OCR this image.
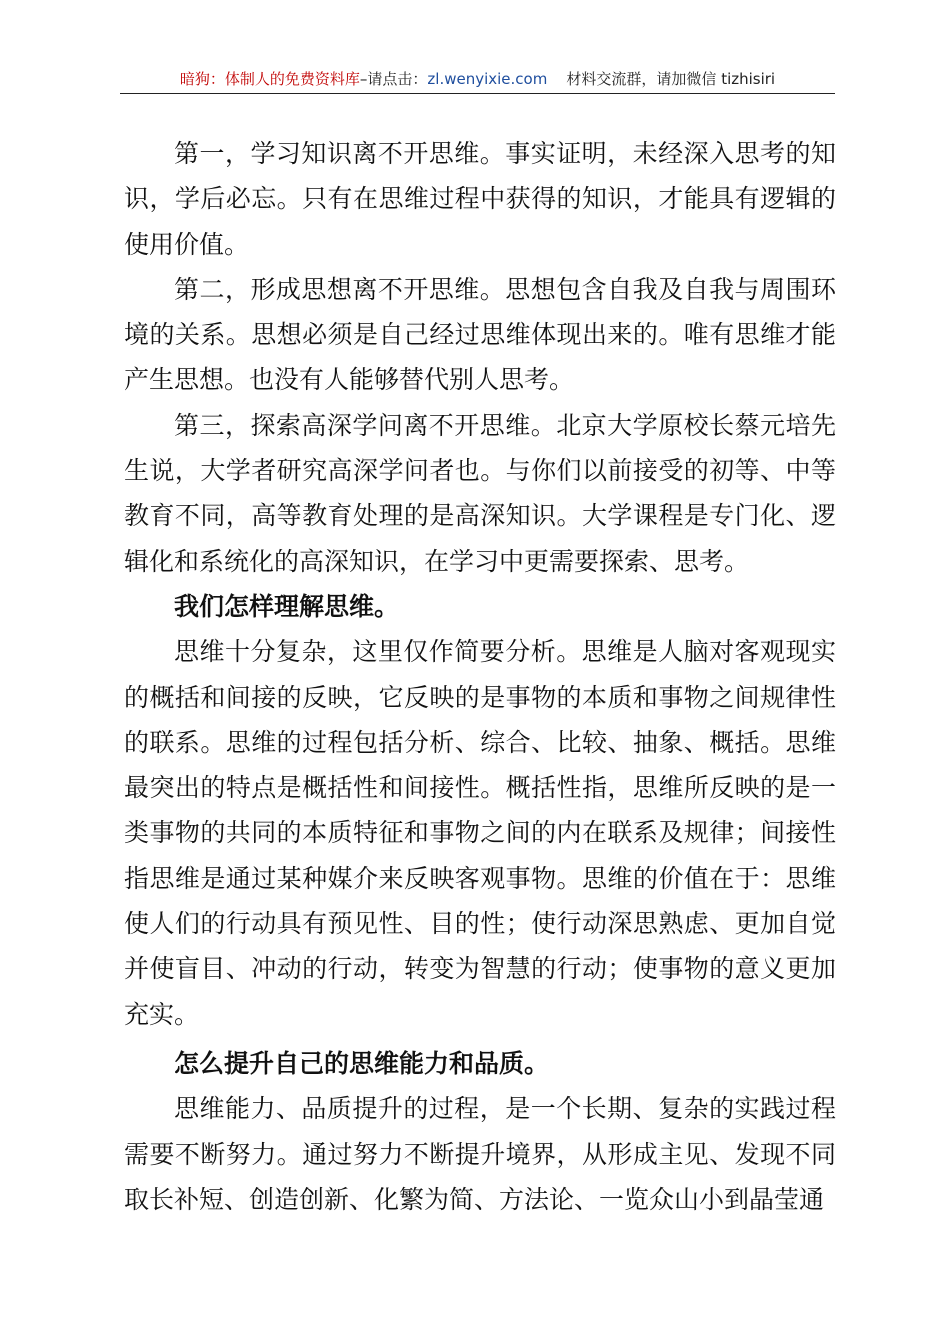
暗狗：体制人的免费资料库–请点击：zl.wenyixie.com 材料交流群，请加微信 tizhisiri

第一，学习知识离不开思维。事实证明，未经深入思考的知识，学后必忘。只有在思维过程中获得的知识，才能具有逻辑的使用价值。

第二，形成思想离不开思维。思想包含自我及自我与周围环境的关系。思想必须是自己经过思维体现出来的。唯有思维才能产生思想。也没有人能够替代别人思考。

第三，探索高深学问离不开思维。北京大学原校长蔡元培先生说，大学者研究高深学问者也。与你们以前接受的初等、中等教育不同，高等教育处理的是高深知识。大学课程是专门化、逻辑化和系统化的高深知识，在学习中更需要探索、思考。

我们怎样理解思维。

思维十分复杂，这里仅作简要分析。思维是人脑对客观现实的概括和间接的反映，它反映的是事物的本质和事物之间规律性的联系。思维的过程包括分析、综合、比较、抽象、概括。思维最突出的特点是概括性和间接性。概括性指，思维所反映的是一类事物的共同的本质特征和事物之间的内在联系及规律；间接性指思维是通过某种媒介来反映客观事物。思维的价值在于：思维使人们的行动具有预见性、目的性；使行动深思熟虑、更加自觉并使盲目、冲动的行动，转变为智慧的行动；使事物的意义更加充实。

怎么提升自己的思维能力和品质。

思维能力、品质提升的过程，是一个长期、复杂的实践过程需要不断努力。通过努力不断提升境界，从形成主见、发现不同取长补短、创造创新、化繁为简、方法论、一览众山小到晶莹通
